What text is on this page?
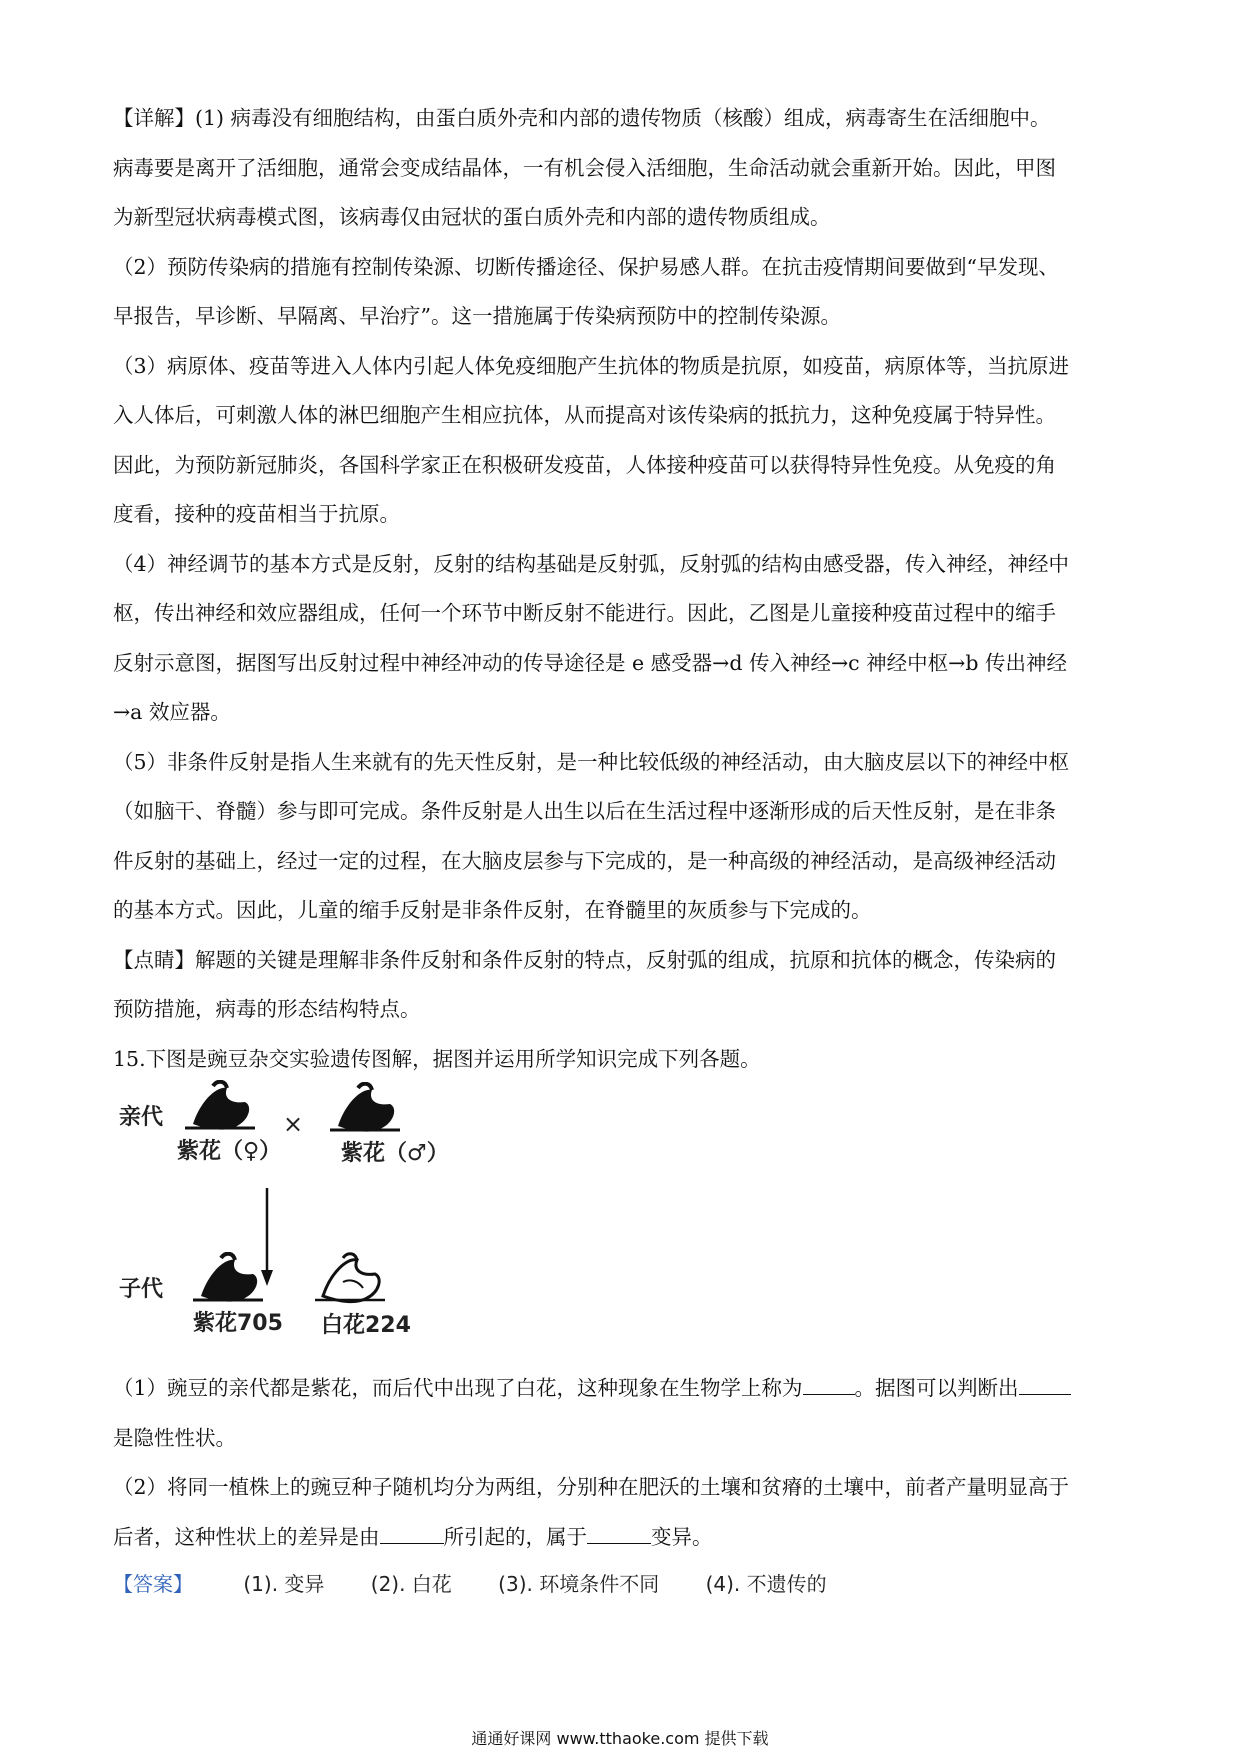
【详解】(1) 病毒没有细胞结构，由蛋白质外壳和内部的遗传物质（核酸）组成，病毒寄生在活细胞中。
病毒要是离开了活细胞，通常会变成结晶体，一有机会侵入活细胞，生命活动就会重新开始。因此，甲图
为新型冠状病毒模式图，该病毒仅由冠状的蛋白质外壳和内部的遗传物质组成。
（2）预防传染病的措施有控制传染源、切断传播途径、保护易感人群。在抗击疫情期间要做到“早发现、
早报告，早诊断、早隔离、早治疗”。这一措施属于传染病预防中的控制传染源。
（3）病原体、疫苗等进入人体内引起人体免疫细胞产生抗体的物质是抗原，如疫苗，病原体等，当抗原进
入人体后，可刺激人体的淋巴细胞产生相应抗体，从而提高对该传染病的抵抗力，这种免疫属于特异性。
因此，为预防新冠肺炎，各国科学家正在积极研发疫苗，人体接种疫苗可以获得特异性免疫。从免疫的角
度看，接种的疫苗相当于抗原。
（4）神经调节的基本方式是反射，反射的结构基础是反射弧，反射弧的结构由感受器，传入神经，神经中
枢，传出神经和效应器组成，任何一个环节中断反射不能进行。因此，乙图是儿童接种疫苗过程中的缩手
反射示意图，据图写出反射过程中神经冲动的传导途径是 e 感受器→d 传入神经→c 神经中枢→b 传出神经
→a 效应器。
（5）非条件反射是指人生来就有的先天性反射，是一种比较低级的神经活动，由大脑皮层以下的神经中枢
（如脑干、脊髓）参与即可完成。条件反射是人出生以后在生活过程中逐渐形成的后天性反射，是在非条
件反射的基础上，经过一定的过程，在大脑皮层参与下完成的，是一种高级的神经活动，是高级神经活动
的基本方式。因此，儿童的缩手反射是非条件反射，在脊髓里的灰质参与下完成的。
【点睛】解题的关键是理解非条件反射和条件反射的特点，反射弧的组成，抗原和抗体的概念，传染病的
预防措施，病毒的形态结构特点。
15.下图是豌豆杂交实验遗传图解，据图并运用所学知识完成下列各题。
亲代	×
紫花（♀）	紫花（♂）
子代
紫花705 白花224
（1）豌豆的亲代都是紫花，而后代中出现了白花，这种现象在生物学上称为	。据图可以判断出
是隐性性状。
（2）将同一植株上的豌豆种子随机均分为两组，分别种在肥沃的土壤和贫瘠的土壤中，前者产量明显高于
后者，这种性状上的差异是由	所引起的，属于	变异。
【答案】	(1). 变异 (2). 白花 (3). 环境条件不同 (4). 不遗传的
通通好课网 www.tthaoke.com 提供下载
